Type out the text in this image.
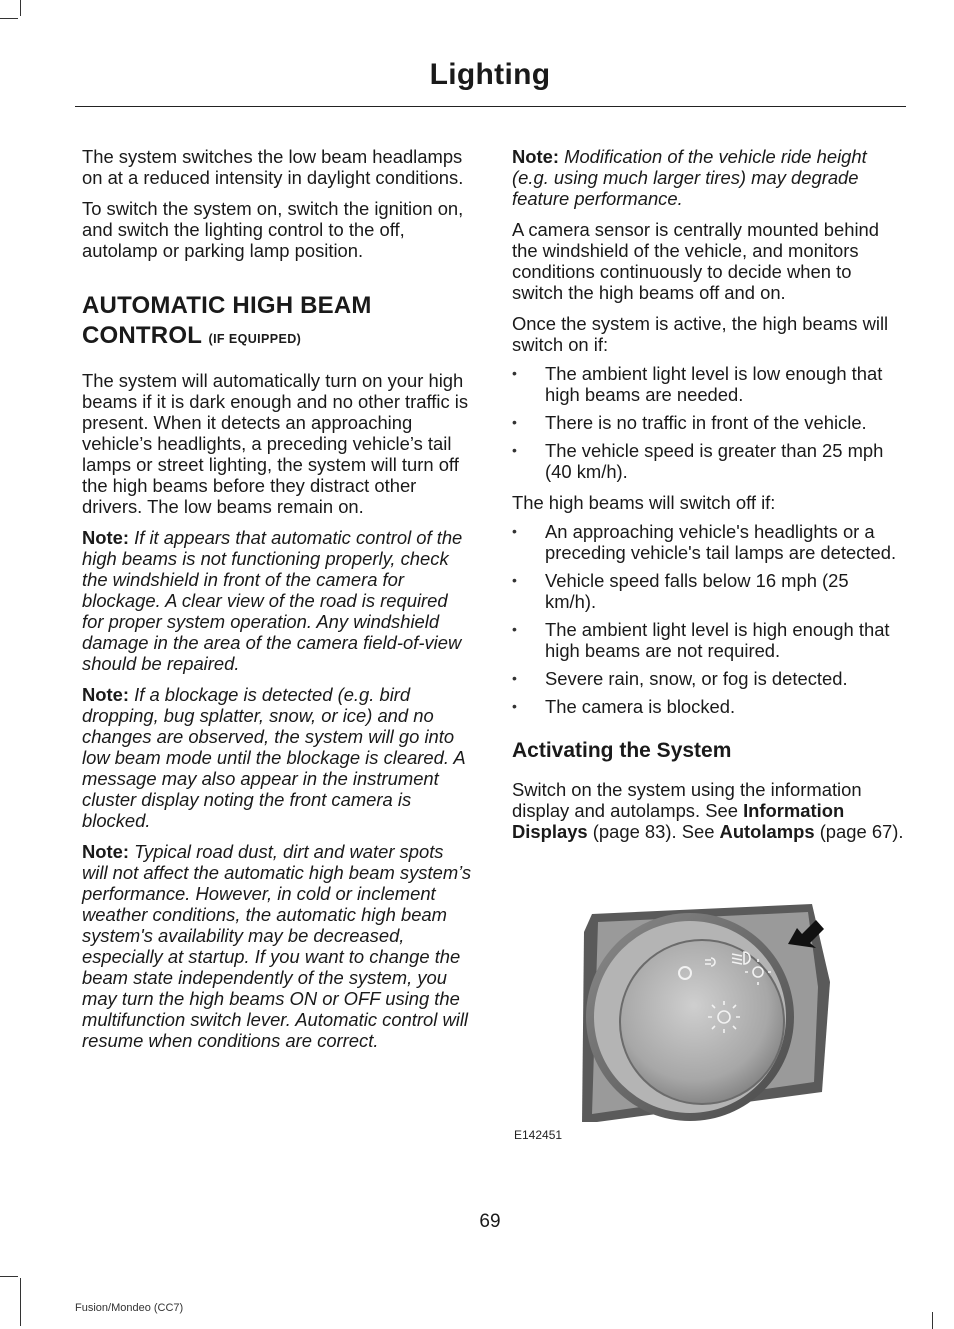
Lighting

The system switches the low beam headlamps on at a reduced intensity in daylight conditions.

To switch the system on, switch the ignition on, and switch the lighting control to the off, autolamp or parking lamp position.

AUTOMATIC HIGH BEAM
CONTROL (IF EQUIPPED)

The system will automatically turn on your high beams if it is dark enough and no other traffic is present. When it detects an approaching vehicle’s headlights, a preceding vehicle’s tail lamps or street lighting, the system will turn off the high beams before they distract other drivers. The low beams remain on.

Note: If it appears that automatic control of the high beams is not functioning properly, check the windshield in front of the camera for blockage. A clear view of the road is required for proper system operation. Any windshield damage in the area of the camera field-of-view should be repaired.

Note: If a blockage is detected (e.g. bird dropping, bug splatter, snow, or ice) and no changes are observed, the system will go into low beam mode until the blockage is cleared. A message may also appear in the instrument cluster display noting the front camera is blocked.

Note: Typical road dust, dirt and water spots will not affect the automatic high beam system’s performance. However, in cold or inclement weather conditions, the automatic high beam system's availability may be decreased, especially at startup. If you want to change the beam state independently of the system, you may turn the high beams ON or OFF using the multifunction switch lever. Automatic control will resume when conditions are correct.

Note: Modification of the vehicle ride height (e.g. using much larger tires) may degrade feature performance.

A camera sensor is centrally mounted behind the windshield of the vehicle, and monitors conditions continuously to decide when to switch the high beams off and on.

Once the system is active, the high beams will switch on if:

• The ambient light level is low enough that high beams are needed.
• There is no traffic in front of the vehicle.
• The vehicle speed is greater than 25 mph (40 km/h).

The high beams will switch off if:

• An approaching vehicle's headlights or a preceding vehicle's tail lamps are detected.
• Vehicle speed falls below 16 mph (25 km/h).
• The ambient light level is high enough that high beams are not required.
• Severe rain, snow, or fog is detected.
• The camera is blocked.
Activating the System

Switch on the system using the information display and autolamps. See Information Displays (page 83). See Autolamps (page 67).

E142451
69
Fusion/Mondeo (CC7)
